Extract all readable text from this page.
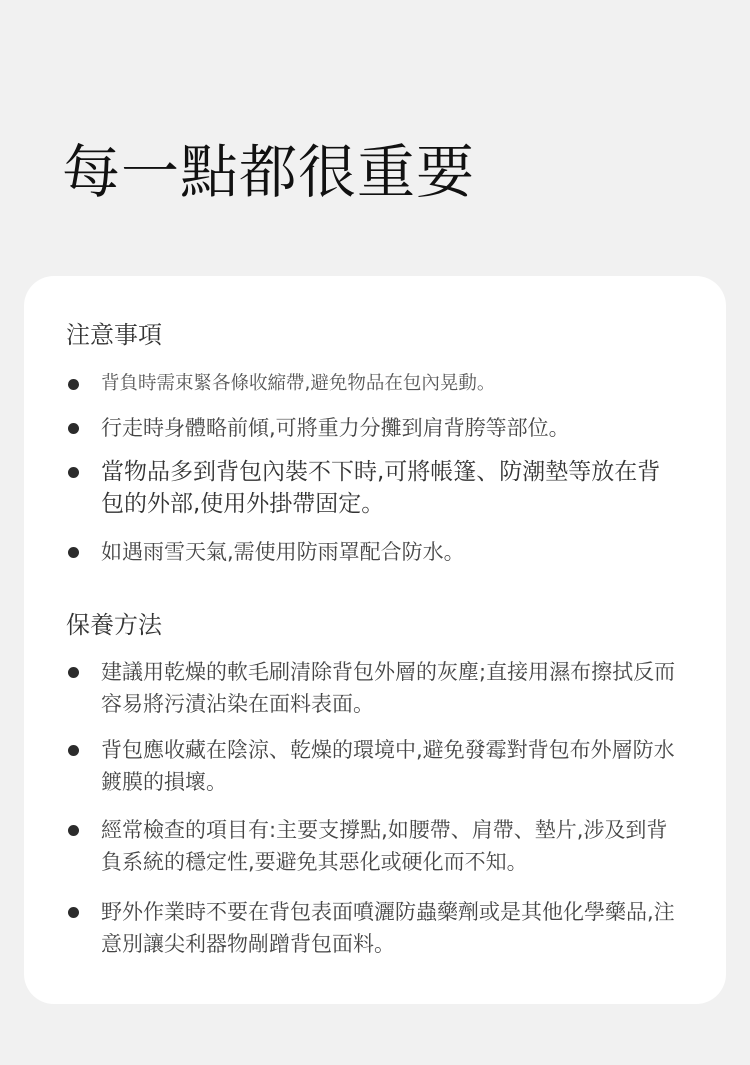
每一點都很重要
注意事項

背負時需束緊各條收縮帶,避免物品在包內晃動。

行走時身體略前傾,可將重力分攤到肩背胯等部位。

當物品多到背包內裝不下時,可將帳篷、防潮墊等放在背包的外部,使用外掛帶固定。

如遇雨雪天氣,需使用防雨罩配合防水。

保養方法

建議用乾燥的軟毛刷清除背包外層的灰塵;直接用濕布擦拭反而容易將污漬沾染在面料表面。

背包應收藏在陰涼、乾燥的環境中,避免發霉對背包布外層防水鍍膜的損壞。

經常檢查的項目有:主要支撐點,如腰帶、肩帶、墊片,涉及到背負系統的穩定性,要避免其惡化或硬化而不知。

野外作業時不要在背包表面噴灑防蟲藥劑或是其他化學藥品,注意別讓尖利器物剮蹭背包面料。
